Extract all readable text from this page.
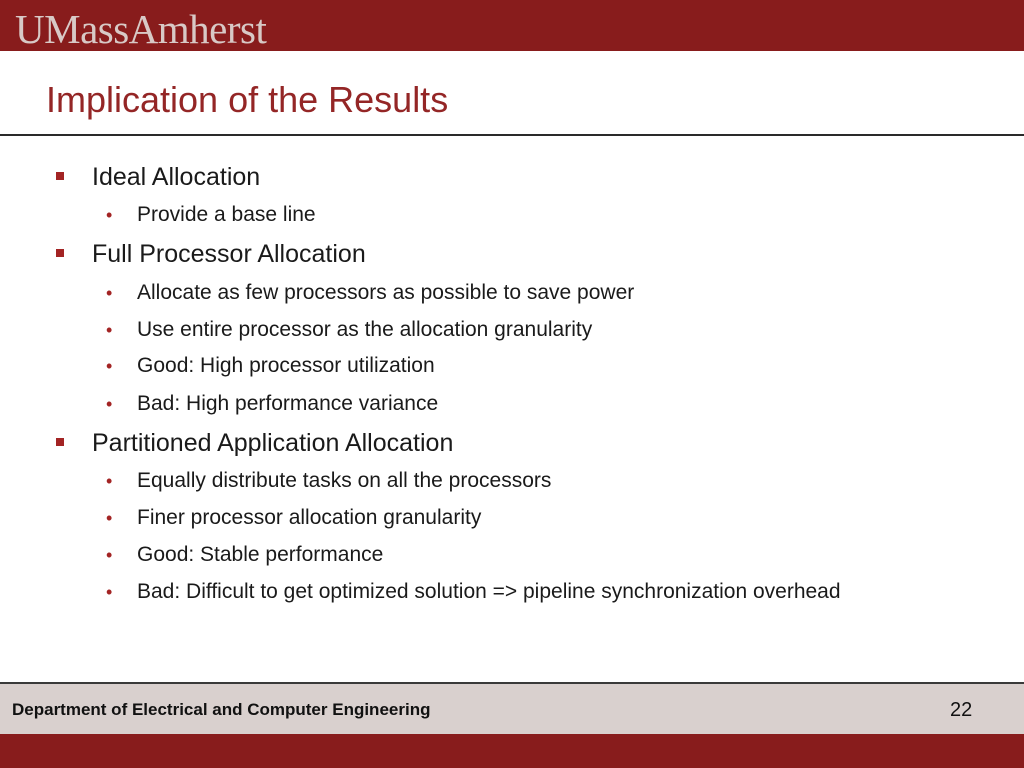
UMassAmherst
Implication of the Results
Ideal Allocation
• Provide a base line
Full Processor Allocation
• Allocate as few processors as possible to save power
• Use entire processor as the allocation granularity
• Good: High processor utilization
• Bad: High performance variance
Partitioned Application Allocation
• Equally distribute tasks on all the processors
• Finer processor allocation granularity
• Good: Stable performance
• Bad: Difficult to get optimized solution => pipeline synchronization overhead
Department of Electrical and Computer Engineering	22
